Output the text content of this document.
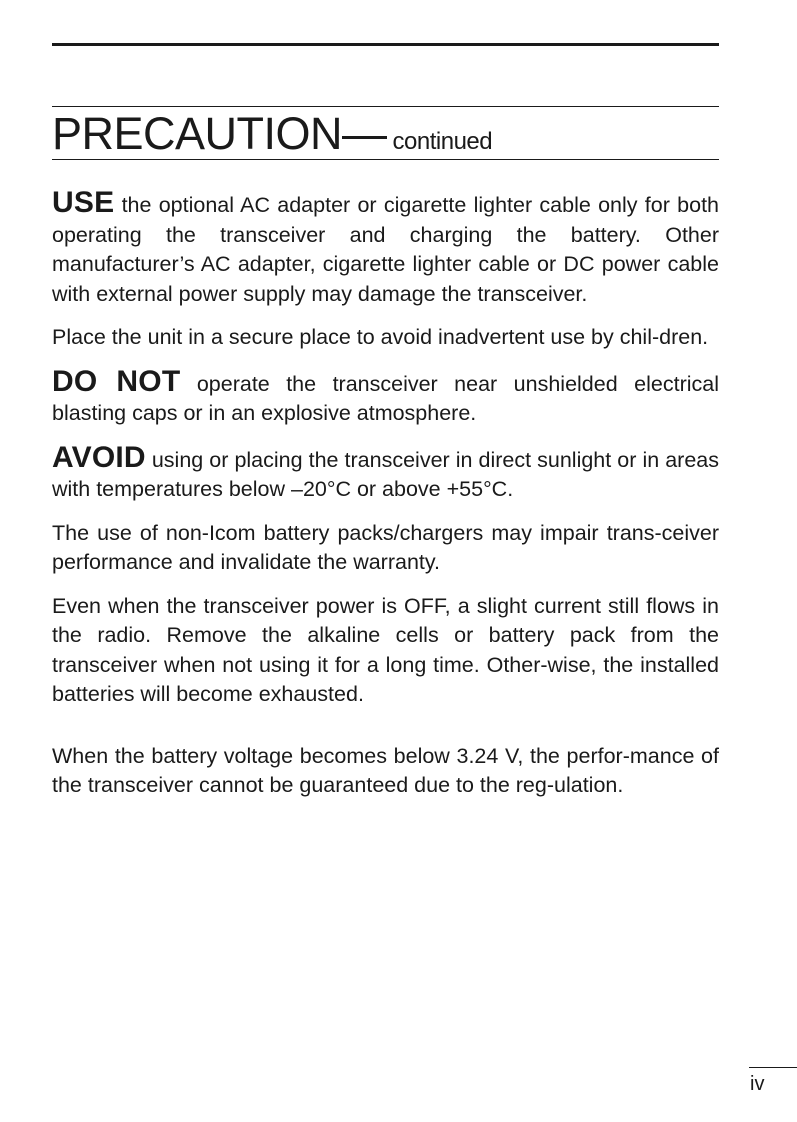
PRECAUTION— continued

USE the optional AC adapter or cigarette lighter cable only for both operating the transceiver and charging the battery. Other manufacturer’s AC adapter, cigarette lighter cable or DC power cable with external power supply may damage the transceiver.

Place the unit in a secure place to avoid inadvertent use by chil-dren.

DO NOT operate the transceiver near unshielded electrical blasting caps or in an explosive atmosphere.

AVOID using or placing the transceiver in direct sunlight or in areas with temperatures below –20°C or above +55°C.

The use of non-Icom battery packs/chargers may impair trans-ceiver performance and invalidate the warranty.

Even when the transceiver power is OFF, a slight current still flows in the radio. Remove the alkaline cells or battery pack from the transceiver when not using it for a long time. Other-wise, the installed batteries will become exhausted.

When the battery voltage becomes below 3.24 V, the perfor-mance of the transceiver cannot be guaranteed due to the reg-ulation.

iv
